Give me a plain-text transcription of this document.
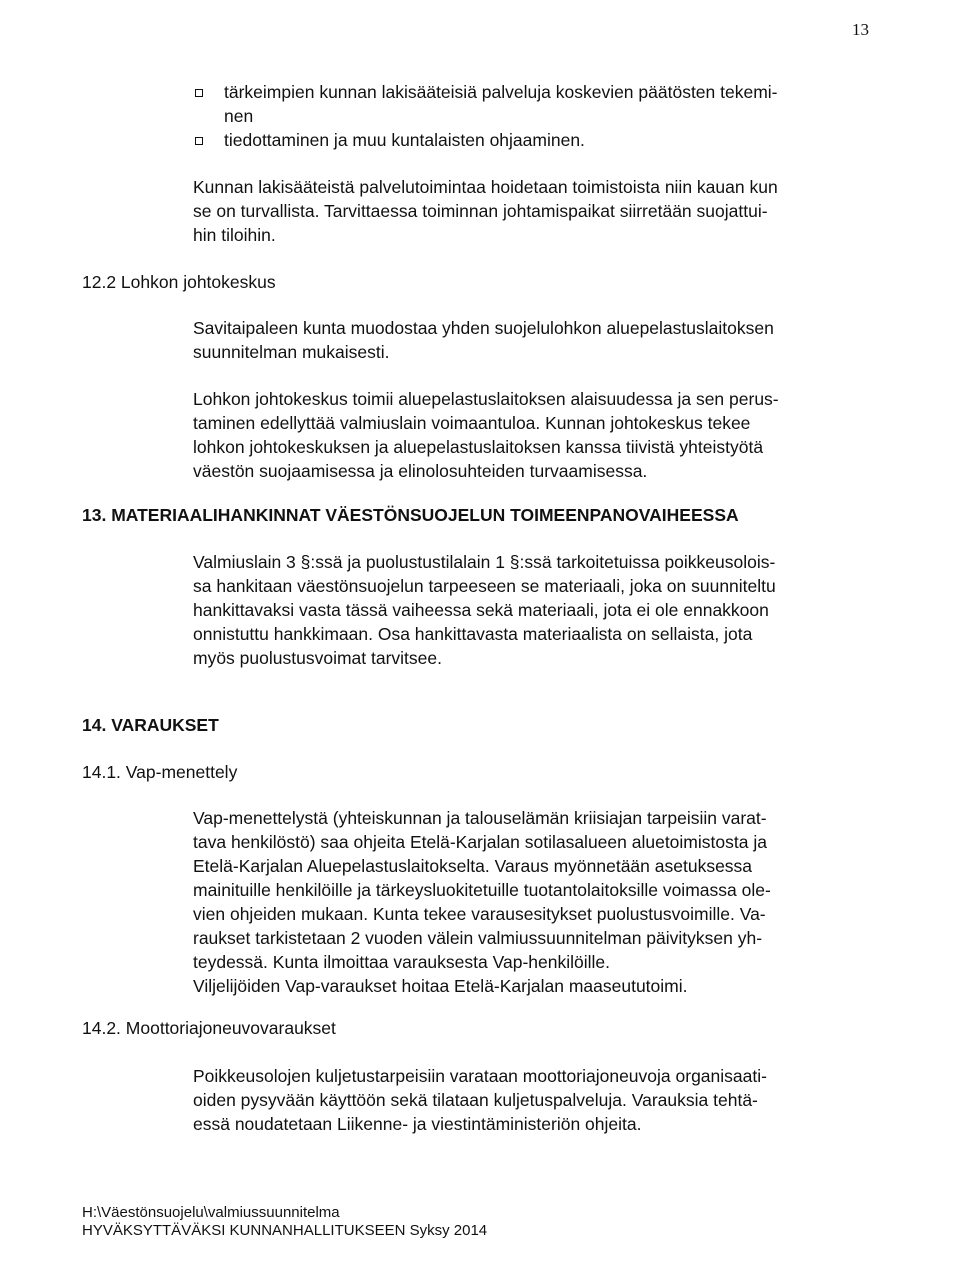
13
tärkeimpien kunnan lakisääteisiä palveluja koskevien päätösten tekemi-
nen
tiedottaminen ja muu kuntalaisten ohjaaminen.
Kunnan lakisääteistä palvelutoimintaa hoidetaan toimistoista niin kauan kun
se on turvallista. Tarvittaessa toiminnan johtamispaikat siirretään suojattui-
hin tiloihin.
12.2 Lohkon johtokeskus
Savitaipaleen kunta muodostaa yhden suojelulohkon aluepelastuslaitoksen
suunnitelman mukaisesti.
Lohkon johtokeskus toimii aluepelastuslaitoksen alaisuudessa ja sen perus-
taminen edellyttää valmiuslain voimaantuloa. Kunnan johtokeskus tekee
lohkon johtokeskuksen ja aluepelastuslaitoksen kanssa tiivistä yhteistyötä
väestön suojaamisessa ja elinolosuhteiden turvaamisessa.
13. MATERIAALIHANKINNAT VÄESTÖNSUOJELUN TOIMEENPANOVAIHEESSA
Valmiuslain 3 §:ssä ja puolustustilalain 1 §:ssä tarkoitetuissa poikkeusolois-
sa hankitaan väestönsuojelun tarpeeseen se materiaali, joka on suunniteltu
hankittavaksi vasta tässä vaiheessa sekä materiaali, jota ei ole ennakkoon
onnistuttu hankkimaan. Osa hankittavasta materiaalista on sellaista, jota
myös puolustusvoimat tarvitsee.
14. VARAUKSET
14.1. Vap-menettely
Vap-menettelystä (yhteiskunnan ja talouselämän kriisiajan tarpeisiin varat-
tava henkilöstö) saa ohjeita Etelä-Karjalan sotilasalueen aluetoimistosta ja
Etelä-Karjalan Aluepelastuslaitokselta. Varaus myönnetään asetuksessa
mainituille henkilöille ja tärkeysluokitetuille tuotantolaitoksille voimassa ole-
vien ohjeiden mukaan. Kunta tekee varausesitykset puolustusvoimille. Va-
raukset tarkistetaan 2 vuoden välein valmiussuunnitelman päivityksen yh-
teydessä. Kunta ilmoittaa varauksesta Vap-henkilöille.
Viljelijöiden Vap-varaukset hoitaa Etelä-Karjalan maaseututoimi.
14.2. Moottoriajoneuvovaraukset
Poikkeusolojen kuljetustarpeisiin varataan moottoriajoneuvoja organisaati-
oiden pysyvään käyttöön sekä tilataan kuljetuspalveluja. Varauksia tehtä-
essä noudatetaan Liikenne- ja viestintäministeriön ohjeita.
H:\Väestönsuojelu\valmiussuunnitelma
HYVÄKSYTTÄVÄKSI KUNNANHALLITUKSEEN Syksy 2014
